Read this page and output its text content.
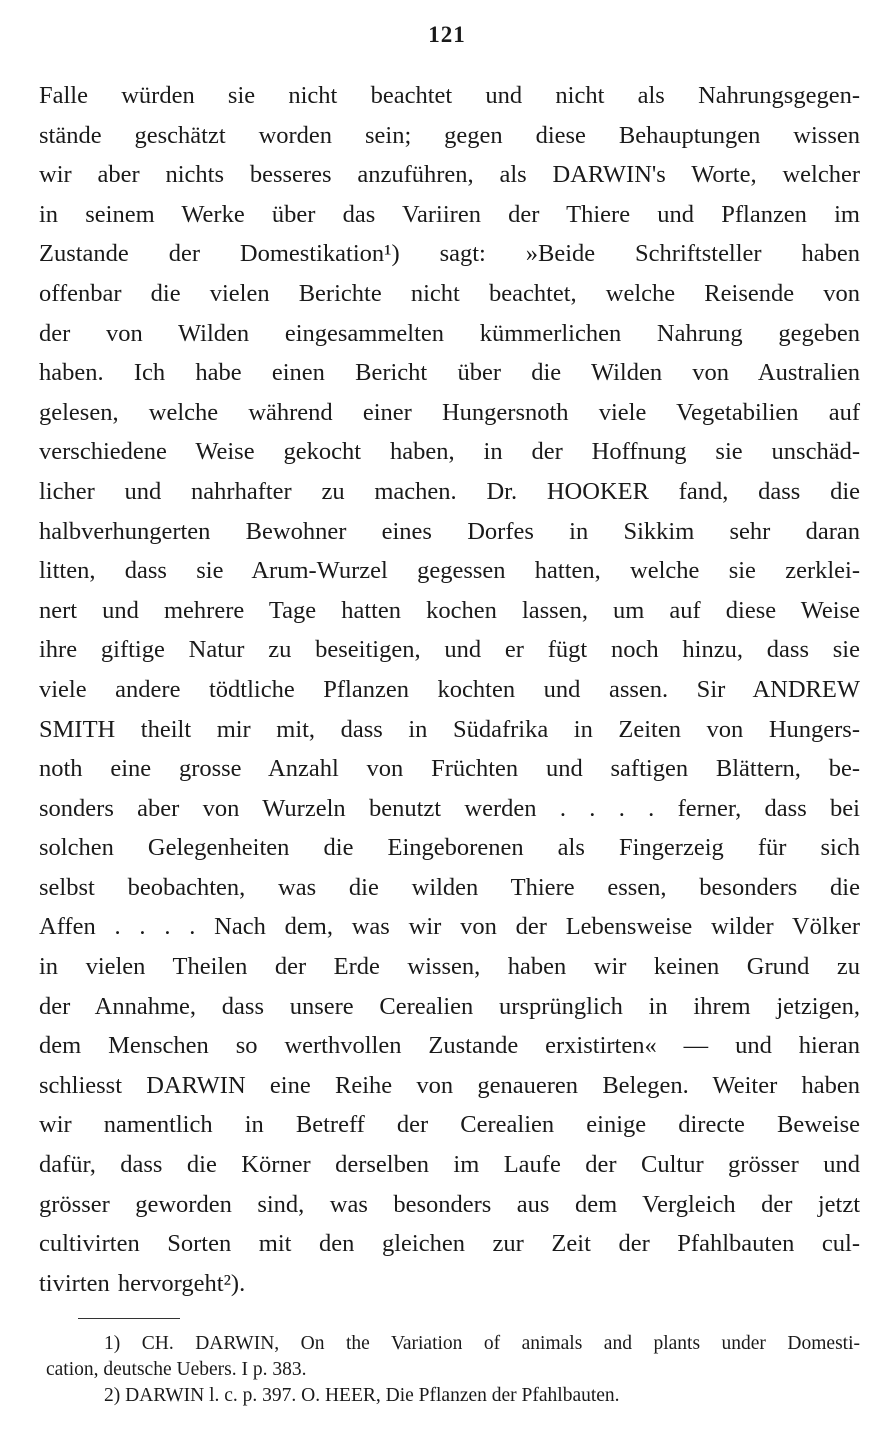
121
Falle würden sie nicht beachtet und nicht als Nahrungsgegen-
stände geschätzt worden sein; gegen diese Behauptungen wissen
wir aber nichts besseres anzuführen, als DARWIN's Worte, welcher
in seinem Werke über das Variiren der Thiere und Pflanzen im
Zustande der Domestikation¹) sagt: »Beide Schriftsteller haben
offenbar die vielen Berichte nicht beachtet, welche Reisende von
der von Wilden eingesammelten kümmerlichen Nahrung gegeben
haben. Ich habe einen Bericht über die Wilden von Australien
gelesen, welche während einer Hungersnoth viele Vegetabilien auf
verschiedene Weise gekocht haben, in der Hoffnung sie unschäd-
licher und nahrhafter zu machen. Dr. HOOKER fand, dass die
halbverhungerten Bewohner eines Dorfes in Sikkim sehr daran
litten, dass sie Arum-Wurzel gegessen hatten, welche sie zerklei-
nert und mehrere Tage hatten kochen lassen, um auf diese Weise
ihre giftige Natur zu beseitigen, und er fügt noch hinzu, dass sie
viele andere tödtliche Pflanzen kochten und assen. Sir ANDREW
SMITH theilt mir mit, dass in Südafrika in Zeiten von Hungers-
noth eine grosse Anzahl von Früchten und saftigen Blättern, be-
sonders aber von Wurzeln benutzt werden . . . . ferner, dass bei
solchen Gelegenheiten die Eingeborenen als Fingerzeig für sich
selbst beobachten, was die wilden Thiere essen, besonders die
Affen . . . . Nach dem, was wir von der Lebensweise wilder Völker
in vielen Theilen der Erde wissen, haben wir keinen Grund zu
der Annahme, dass unsere Cerealien ursprünglich in ihrem jetzigen,
dem Menschen so werthvollen Zustande erxistirten« — und hieran
schliesst DARWIN eine Reihe von genaueren Belegen. Weiter haben
wir namentlich in Betreff der Cerealien einige directe Beweise
dafür, dass die Körner derselben im Laufe der Cultur grösser und
grösser geworden sind, was besonders aus dem Vergleich der jetzt
cultivirten Sorten mit den gleichen zur Zeit der Pfahlbauten cul-
tivirten hervorgeht²).
1) CH. DARWIN, On the Variation of animals and plants under Domesti-
cation, deutsche Uebers. I p. 383.
2) DARWIN l. c. p. 397. O. HEER, Die Pflanzen der Pfahlbauten.
